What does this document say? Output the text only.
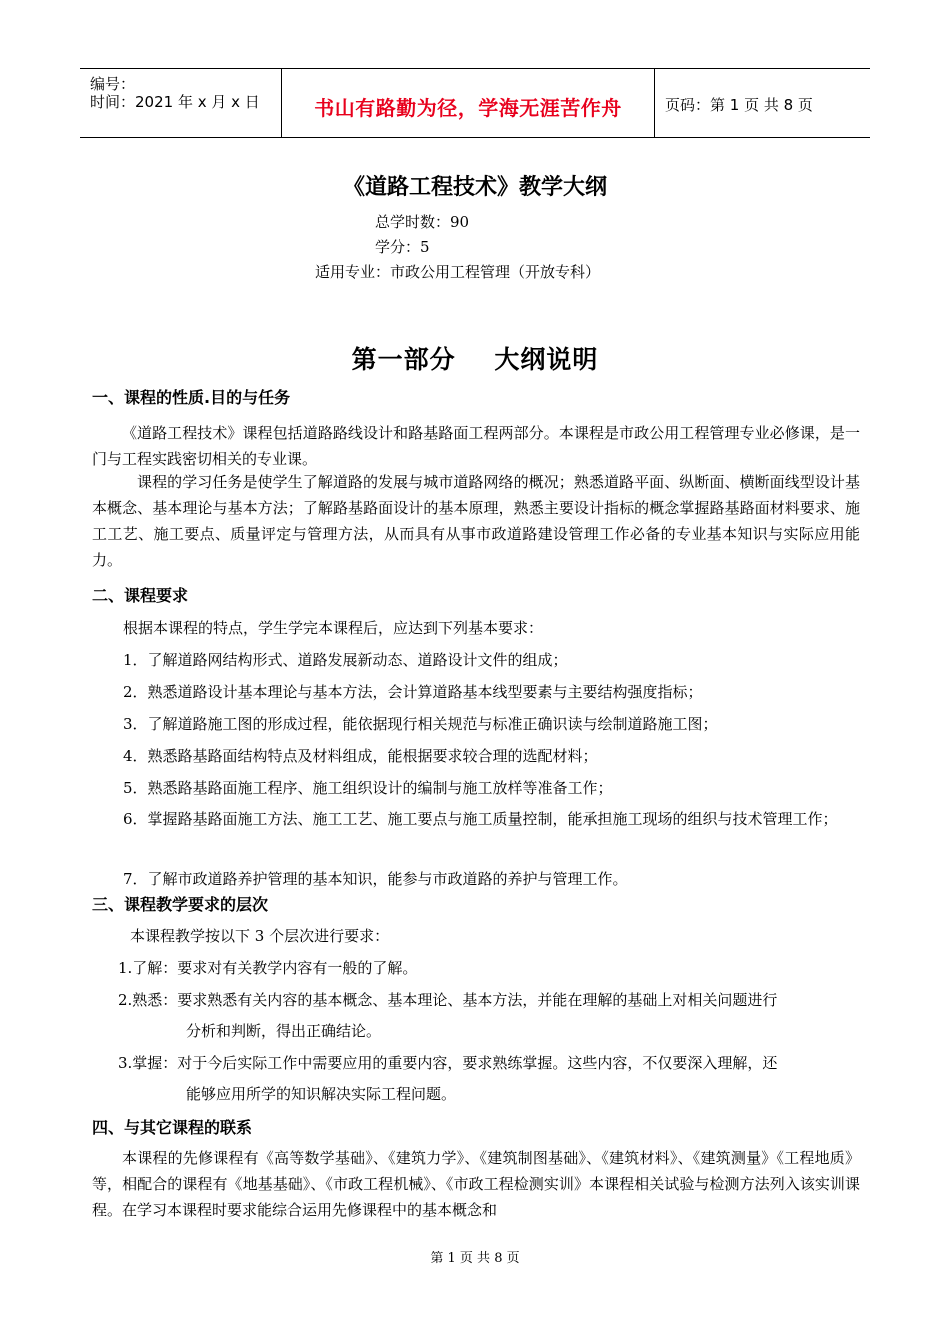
编号：
时间：2021 年 x 月 x 日	书山有路勤为径，学海无涯苦作舟	页码：第 1 页 共 8 页
《道路工程技术》教学大纲
总学时数：90
学分：5
适用专业：市政公用工程管理（开放专科）
第一部分    大纲说明
一、课程的性质.目的与任务
《道路工程技术》课程包括道路路线设计和路基路面工程两部分。本课程是市政公用工程管理专业必修课，是一门与工程实践密切相关的专业课。
课程的学习任务是使学生了解道路的发展与城市道路网络的概况；熟悉道路平面、纵断面、横断面线型设计基本概念、基本理论与基本方法；了解路基路面设计的基本原理，熟悉主要设计指标的概念掌握路基路面材料要求、施工工艺、施工要点、质量评定与管理方法，从而具有从事市政道路建设管理工作必备的专业基本知识与实际应用能力。
二、课程要求
根据本课程的特点，学生学完本课程后，应达到下列基本要求：
1．了解道路网结构形式、道路发展新动态、道路设计文件的组成；
2．熟悉道路设计基本理论与基本方法，会计算道路基本线型要素与主要结构强度指标；
3．了解道路施工图的形成过程，能依据现行相关规范与标准正确识读与绘制道路施工图；
4．熟悉路基路面结构特点及材料组成，能根据要求较合理的选配材料；
5．熟悉路基路面施工程序、施工组织设计的编制与施工放样等准备工作；
6．掌握路基路面施工方法、施工工艺、施工要点与施工质量控制，能承担施工现场的组织与技术管理工作；
7．了解市政道路养护管理的基本知识，能参与市政道路的养护与管理工作。
三、课程教学要求的层次
本课程教学按以下 3 个层次进行要求：
1.了解：要求对有关教学内容有一般的了解。
2.熟悉：要求熟悉有关内容的基本概念、基本理论、基本方法，并能在理解的基础上对相关问题进行
分析和判断，得出正确结论。
3.掌握：对于今后实际工作中需要应用的重要内容，要求熟练掌握。这些内容，不仅要深入理解，还
能够应用所学的知识解决实际工程问题。
四、与其它课程的联系
本课程的先修课程有《高等数学基础》、《建筑力学》、《建筑制图基础》、《建筑材料》、《建筑测量》《工程地质》等，相配合的课程有《地基基础》、《市政工程机械》、《市政工程检测实训》本课程相关试验与检测方法列入该实训课程。在学习本课程时要求能综合运用先修课程中的基本概念和
第 1 页 共 8 页
